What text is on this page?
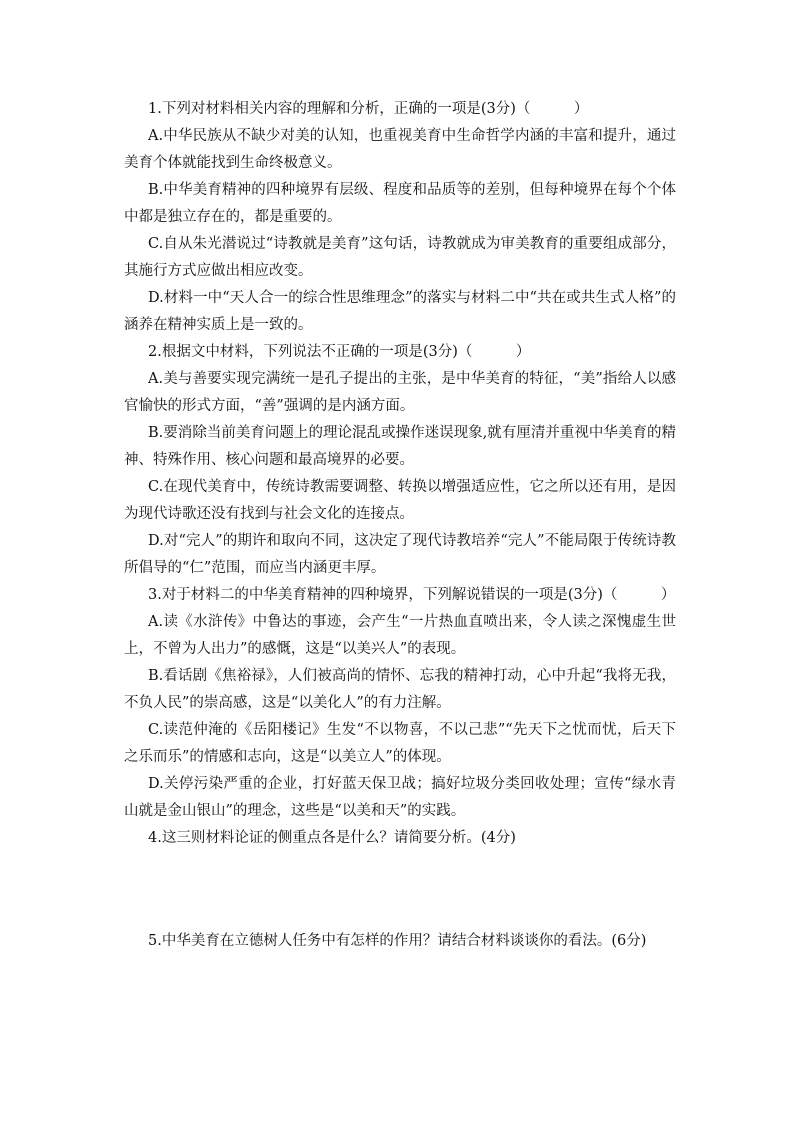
1.下列对材料相关内容的理解和分析，正确的一项是(3分)（　　　）

A.中华民族从不缺少对美的认知，也重视美育中生命哲学内涵的丰富和提升，通过美育个体就能找到生命终极意义。

B.中华美育精神的四种境界有层级、程度和品质等的差别，但每种境界在每个个体中都是独立存在的，都是重要的。

C.自从朱光潜说过“诗教就是美育”这句话，诗教就成为审美教育的重要组成部分，其施行方式应做出相应改变。

D.材料一中“天人合一的综合性思维理念”的落实与材料二中“共在或共生式人格”的涵养在精神实质上是一致的。

2.根据文中材料，下列说法不正确的一项是(3分)（　　　）

A.美与善要实现完满统一是孔子提出的主张，是中华美育的特征，“美”指给人以感官愉快的形式方面，“善”强调的是内涵方面。

B.要消除当前美育问题上的理论混乱或操作迷误现象,就有厘清并重视中华美育的精神、特殊作用、核心问题和最高境界的必要。

C.在现代美育中，传统诗教需要调整、转换以增强适应性，它之所以还有用，是因为现代诗歌还没有找到与社会文化的连接点。

D.对“完人”的期许和取向不同，这决定了现代诗教培养“完人”不能局限于传统诗教所倡导的“仁”范围，而应当内涵更丰厚。

3.对于材料二的中华美育精神的四种境界，下列解说错误的一项是(3分)（　　　）

A.读《水浒传》中鲁达的事迹，会产生“一片热血直喷出来，令人读之深愧虚生世上，不曾为人出力”的感慨，这是“以美兴人”的表现。

B.看话剧《焦裕禄》，人们被高尚的情怀、忘我的精神打动，心中升起“我将无我，不负人民”的崇高感，这是“以美化人”的有力注解。

C.读范仲淹的《岳阳楼记》生发“不以物喜，不以己悲”“先天下之忧而忧，后天下之乐而乐”的情感和志向，这是“以美立人”的体现。

D.关停污染严重的企业，打好蓝天保卫战；搞好垃圾分类回收处理；宣传“绿水青山就是金山银山”的理念，这些是“以美和天”的实践。

4.这三则材料论证的侧重点各是什么？请简要分析。(4分)

5.中华美育在立德树人任务中有怎样的作用？请结合材料谈谈你的看法。(6分)
